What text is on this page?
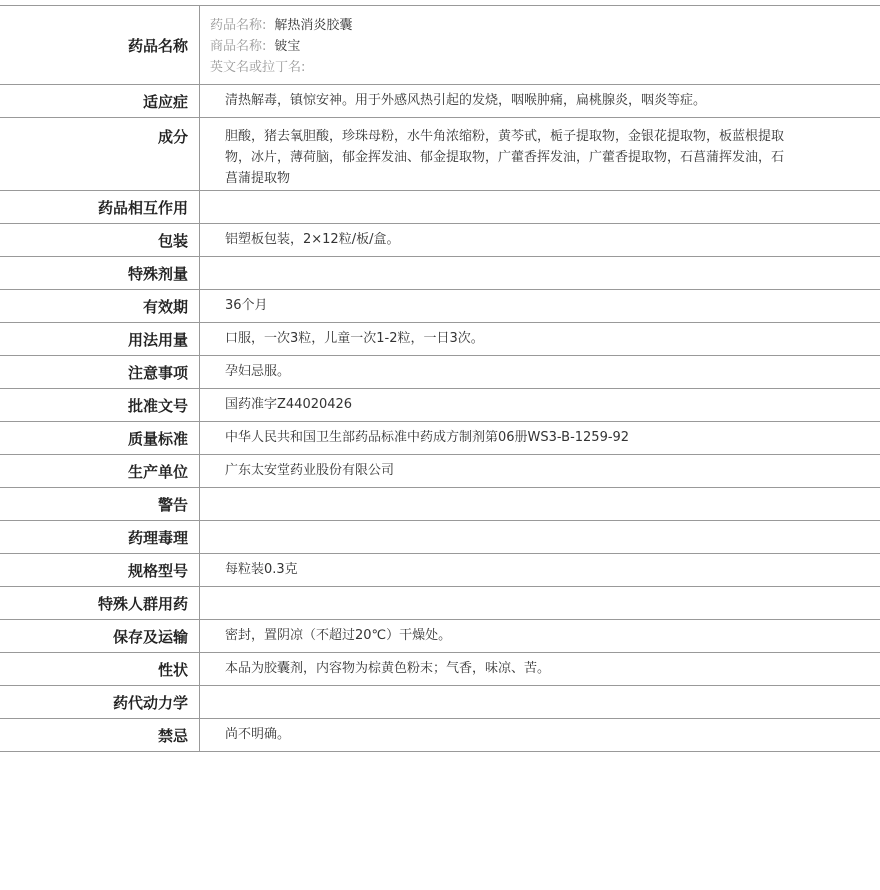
药品名称
药品名称: 解热消炎胶囊
商品名称: 铍宝
英文名或拉丁名:
适应症	清热解毒，镇惊安神。用于外感风热引起的发烧，咽喉肿痛，扁桃腺炎，咽炎等症。
成分	胆酸，猪去氧胆酸，珍珠母粉，水牛角浓缩粉，黄芩甙，栀子提取物，金银花提取物，板蓝根提取物，冰片，薄荷脑，郁金挥发油、郁金提取物，广藿香挥发油，广藿香提取物，石菖蒲挥发油，石菖蒲提取物
药品相互作用
包装	铝塑板包装，2×12粒/板/盒。
特殊剂量
有效期	36个月
用法用量	口服，一次3粒，儿童一次1-2粒，一日3次。
注意事项	孕妇忌服。
批准文号	国药准字Z44020426
质量标准	中华人民共和国卫生部药品标准中药成方制剂第06册WS3-B-1259-92
生产单位	广东太安堂药业股份有限公司
警告
药理毒理
规格型号	每粒装0.3克
特殊人群用药
保存及运输	密封，置阴凉（不超过20℃）干燥处。
性状	本品为胶囊剂，内容物为棕黄色粉末；气香，味凉、苦。
药代动力学
禁忌	尚不明确。
